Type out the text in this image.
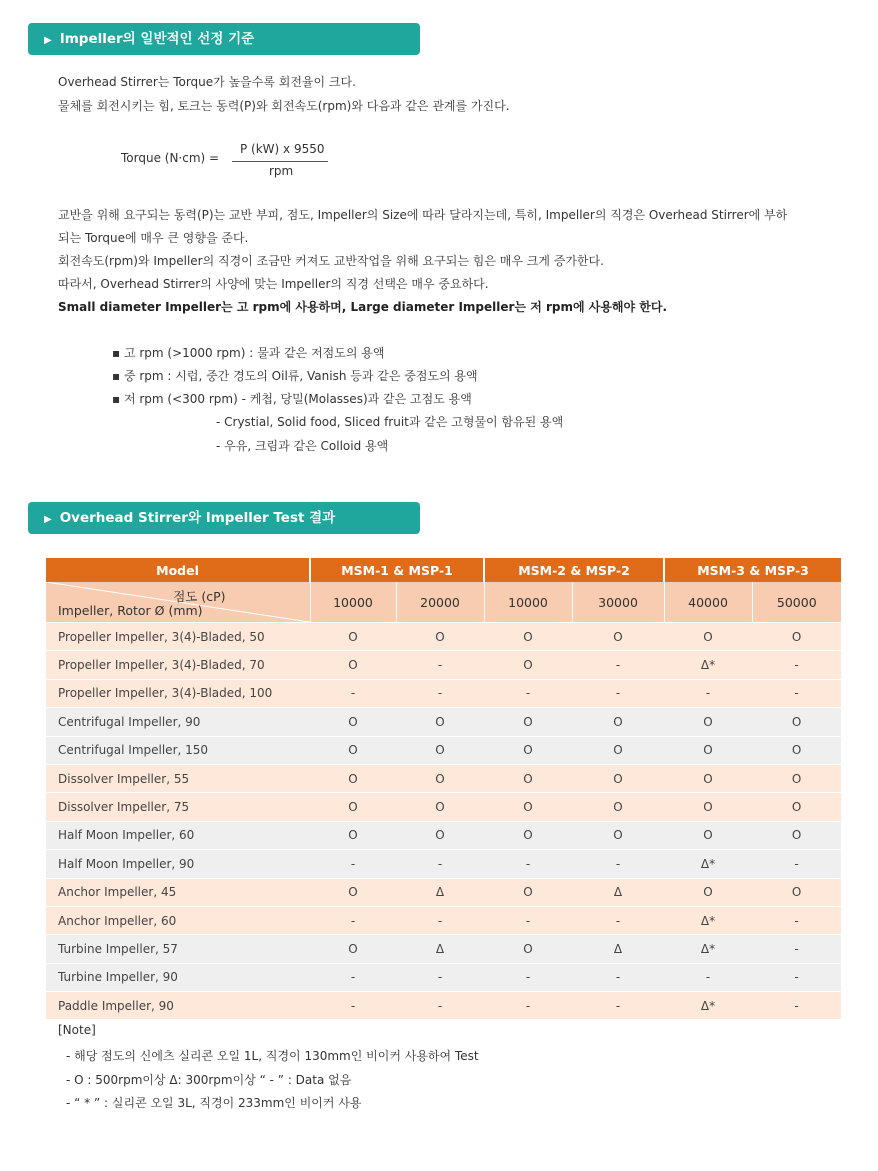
▶ Impeller의 일반적인 선정 기준
Overhead Stirrer는 Torque가 높을수록 회전율이 크다.
물체를 회전시키는 힘, 토크는 동력(P)와 회전속도(rpm)와 다음과 같은 관계를 가진다.
Torque (N·cm) =
P (kW) x 9550
rpm
교반을 위해 요구되는 동력(P)는 교반 부피, 점도, Impeller의 Size에 따라 달라지는데, 특히, Impeller의 직경은 Overhead Stirrer에 부하
되는 Torque에 매우 큰 영향을 준다.
회전속도(rpm)와 Impeller의 직경이 조금만 커져도 교반작업을 위해 요구되는 힘은 매우 크게 증가한다.
따라서, Overhead Stirrer의 사양에 맞는 Impeller의 직경 선택은 매우 중요하다.
Small diameter Impeller는 고 rpm에 사용하며, Large diameter Impeller는 저 rpm에 사용해야 한다.
▪ 고 rpm (>1000 rpm) : 물과 같은 저점도의 용액
▪ 중 rpm : 시럽, 중간 경도의 Oil류, Vanish 등과 같은 중점도의 용액
▪ 저 rpm (<300 rpm) - 케첩, 당밀(Molasses)과 같은 고점도 용액
- Crystial, Solid food, Sliced fruit과 같은 고형물이 함유된 용액
- 우유, 크림과 같은 Colloid 용액
▶ Overhead Stirrer와 Impeller Test 결과
Model	MSM-1 & MSP-1		MSM-2 & MSP-2		MSM-3 & MSP-3	

점도 (cP)
Impeller, Rotor Ø (mm)	10000	20000	10000	30000	40000	50000
Propeller Impeller, 3(4)-Bladed, 50	O	O	O	O	O	O
Propeller Impeller, 3(4)-Bladed, 70	O	-	O	-	Δ*	-
Propeller Impeller, 3(4)-Bladed, 100	-	-	-	-	-	-
Centrifugal Impeller, 90	O	O	O	O	O	O
Centrifugal Impeller, 150	O	O	O	O	O	O
Dissolver Impeller, 55	O	O	O	O	O	O
Dissolver Impeller, 75	O	O	O	O	O	O
Half Moon Impeller, 60	O	O	O	O	O	O
Half Moon Impeller, 90	-	-	-	-	Δ*	-
Anchor Impeller, 45	O	Δ	O	Δ	O	O
Anchor Impeller, 60	-	-	-	-	Δ*	-
Turbine Impeller, 57	O	Δ	O	Δ	Δ*	-
Turbine Impeller, 90	-	-	-	-	-	-
Paddle Impeller, 90	-	-	-	-	Δ*	-
[Note]
- 해당 점도의 신에츠 실리콘 오일 1L, 직경이 130mm인 비이커 사용하여 Test
- O : 500rpm이상 Δ: 300rpm이상 “ - ” : Data 없음
- “ * ” : 실리콘 오일 3L, 직경이 233mm인 비이커 사용
